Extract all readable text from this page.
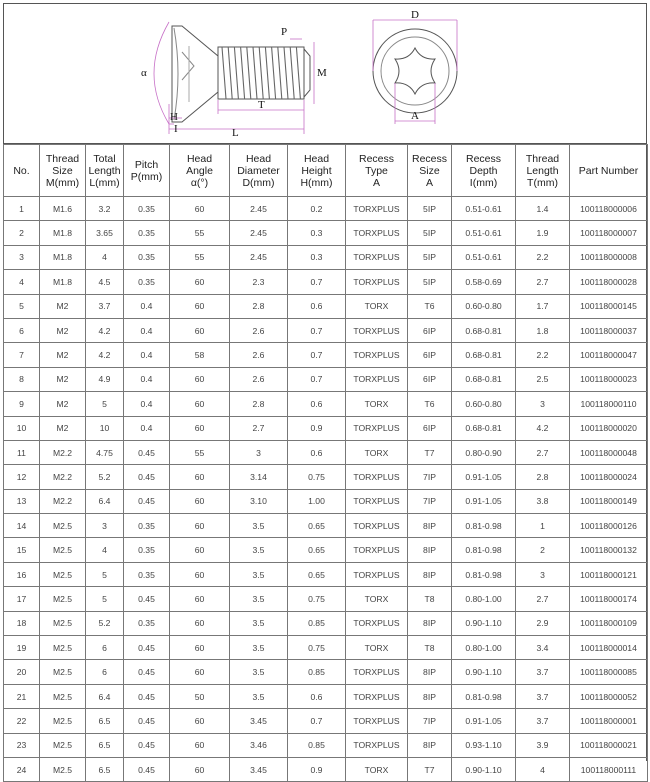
α
P
M
H
I
T
L
D
A
No.	Thread
Size
M(mm)	Total
Length
L(mm)	Pitch
P(mm)	Head
Angle
α(°)	Head
Diameter
D(mm)	Head
Height
H(mm)	Recess
Type
A	Recess
Size
A	Recess
Depth
I(mm)	Thread
Length
T(mm)	Part Number
1	M1.6	3.2	0.35	60	2.45	0.2	TORXPLUS	5IP	0.51-0.61	1.4	100118000006
2	M1.8	3.65	0.35	55	2.45	0.3	TORXPLUS	5IP	0.51-0.61	1.9	100118000007
3	M1.8	4	0.35	55	2.45	0.3	TORXPLUS	5IP	0.51-0.61	2.2	100118000008
4	M1.8	4.5	0.35	60	2.3	0.7	TORXPLUS	5IP	0.58-0.69	2.7	100118000028
5	M2	3.7	0.4	60	2.8	0.6	TORX	T6	0.60-0.80	1.7	100118000145
6	M2	4.2	0.4	60	2.6	0.7	TORXPLUS	6IP	0.68-0.81	1.8	100118000037
7	M2	4.2	0.4	58	2.6	0.7	TORXPLUS	6IP	0.68-0.81	2.2	100118000047
8	M2	4.9	0.4	60	2.6	0.7	TORXPLUS	6IP	0.68-0.81	2.5	100118000023
9	M2	5	0.4	60	2.8	0.6	TORX	T6	0.60-0.80	3	100118000110
10	M2	10	0.4	60	2.7	0.9	TORXPLUS	6IP	0.68-0.81	4.2	100118000020
11	M2.2	4.75	0.45	55	3	0.6	TORX	T7	0.80-0.90	2.7	100118000048
12	M2.2	5.2	0.45	60	3.14	0.75	TORXPLUS	7IP	0.91-1.05	2.8	100118000024
13	M2.2	6.4	0.45	60	3.10	1.00	TORXPLUS	7IP	0.91-1.05	3.8	100118000149
14	M2.5	3	0.35	60	3.5	0.65	TORXPLUS	8IP	0.81-0.98	1	100118000126
15	M2.5	4	0.35	60	3.5	0.65	TORXPLUS	8IP	0.81-0.98	2	100118000132
16	M2.5	5	0.35	60	3.5	0.65	TORXPLUS	8IP	0.81-0.98	3	100118000121
17	M2.5	5	0.45	60	3.5	0.75	TORX	T8	0.80-1.00	2.7	100118000174
18	M2.5	5.2	0.35	60	3.5	0.85	TORXPLUS	8IP	0.90-1.10	2.9	100118000109
19	M2.5	6	0.45	60	3.5	0.75	TORX	T8	0.80-1.00	3.4	100118000014
20	M2.5	6	0.45	60	3.5	0.85	TORXPLUS	8IP	0.90-1.10	3.7	100118000085
21	M2.5	6.4	0.45	50	3.5	0.6	TORXPLUS	8IP	0.81-0.98	3.7	100118000052
22	M2.5	6.5	0.45	60	3.45	0.7	TORXPLUS	7IP	0.91-1.05	3.7	100118000001
23	M2.5	6.5	0.45	60	3.46	0.85	TORXPLUS	8IP	0.93-1.10	3.9	100118000021
24	M2.5	6.5	0.45	60	3.45	0.9	TORX	T7	0.90-1.10	4	100118000111
